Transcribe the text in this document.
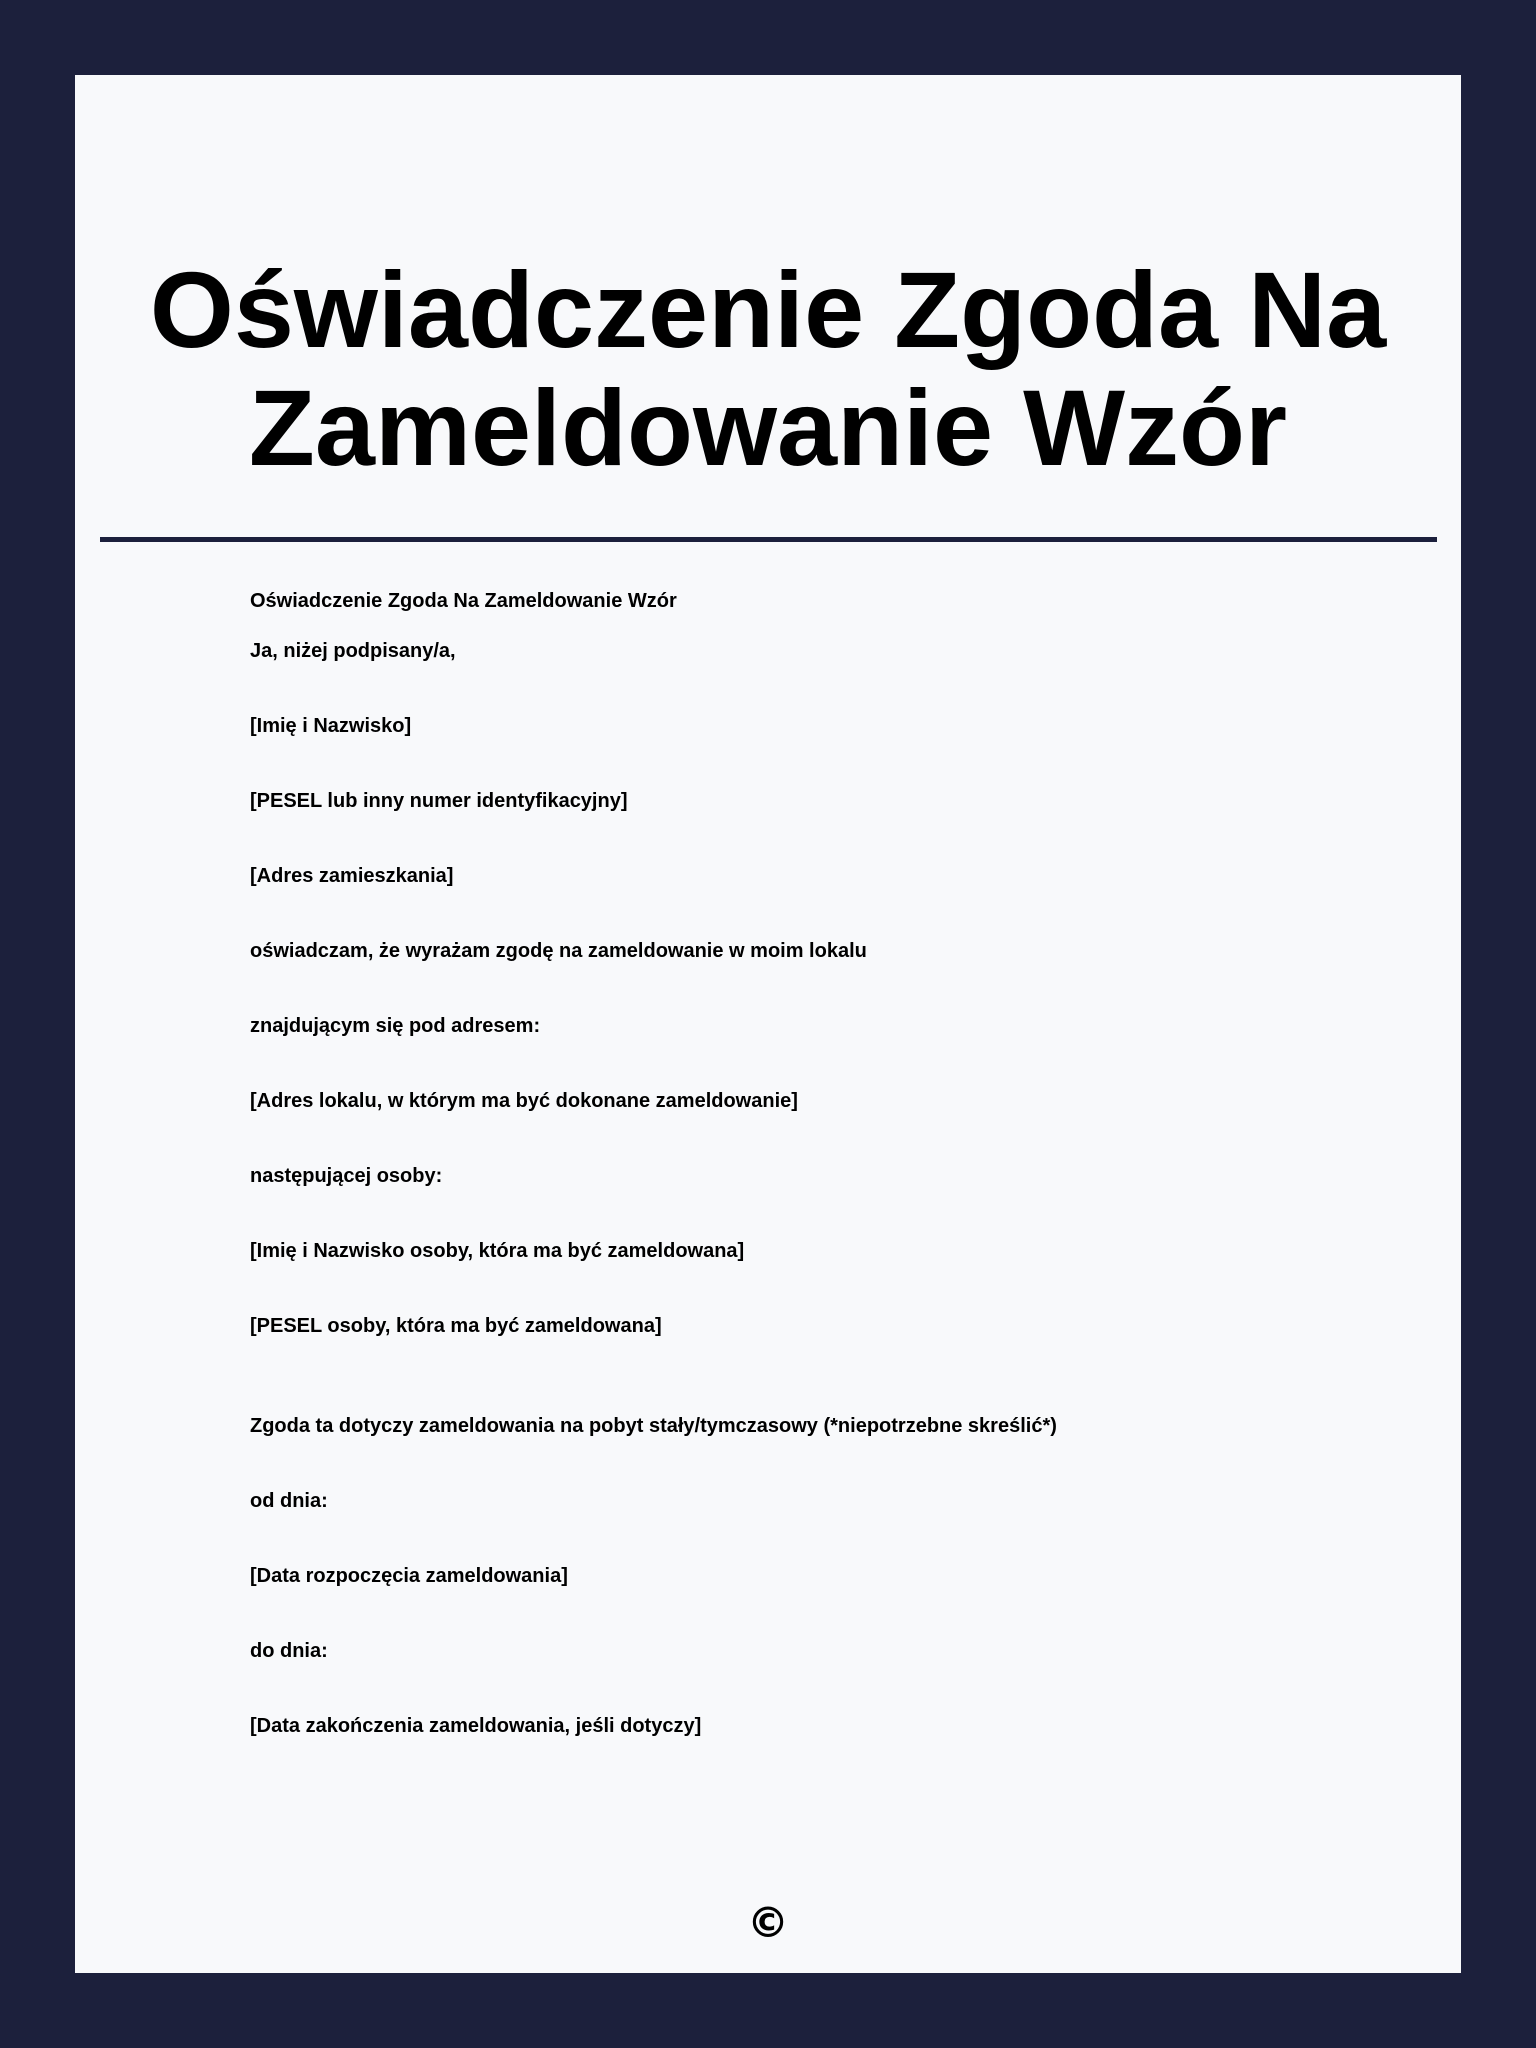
Oświadczenie Zgoda Na Zameldowanie Wzór
Oświadczenie Zgoda Na Zameldowanie Wzór
Ja, niżej podpisany/a,
[Imię i Nazwisko]
[PESEL lub inny numer identyfikacyjny]
[Adres zamieszkania]
oświadczam, że wyrażam zgodę na zameldowanie w moim lokalu
znajdującym się pod adresem:
[Adres lokalu, w którym ma być dokonane zameldowanie]
następującej osoby:
[Imię i Nazwisko osoby, która ma być zameldowana]
[PESEL osoby, która ma być zameldowana]
Zgoda ta dotyczy zameldowania na pobyt stały/tymczasowy (*niepotrzebne skreślić*)
od dnia:
[Data rozpoczęcia zameldowania]
do dnia:
[Data zakończenia zameldowania, jeśli dotyczy]
©
